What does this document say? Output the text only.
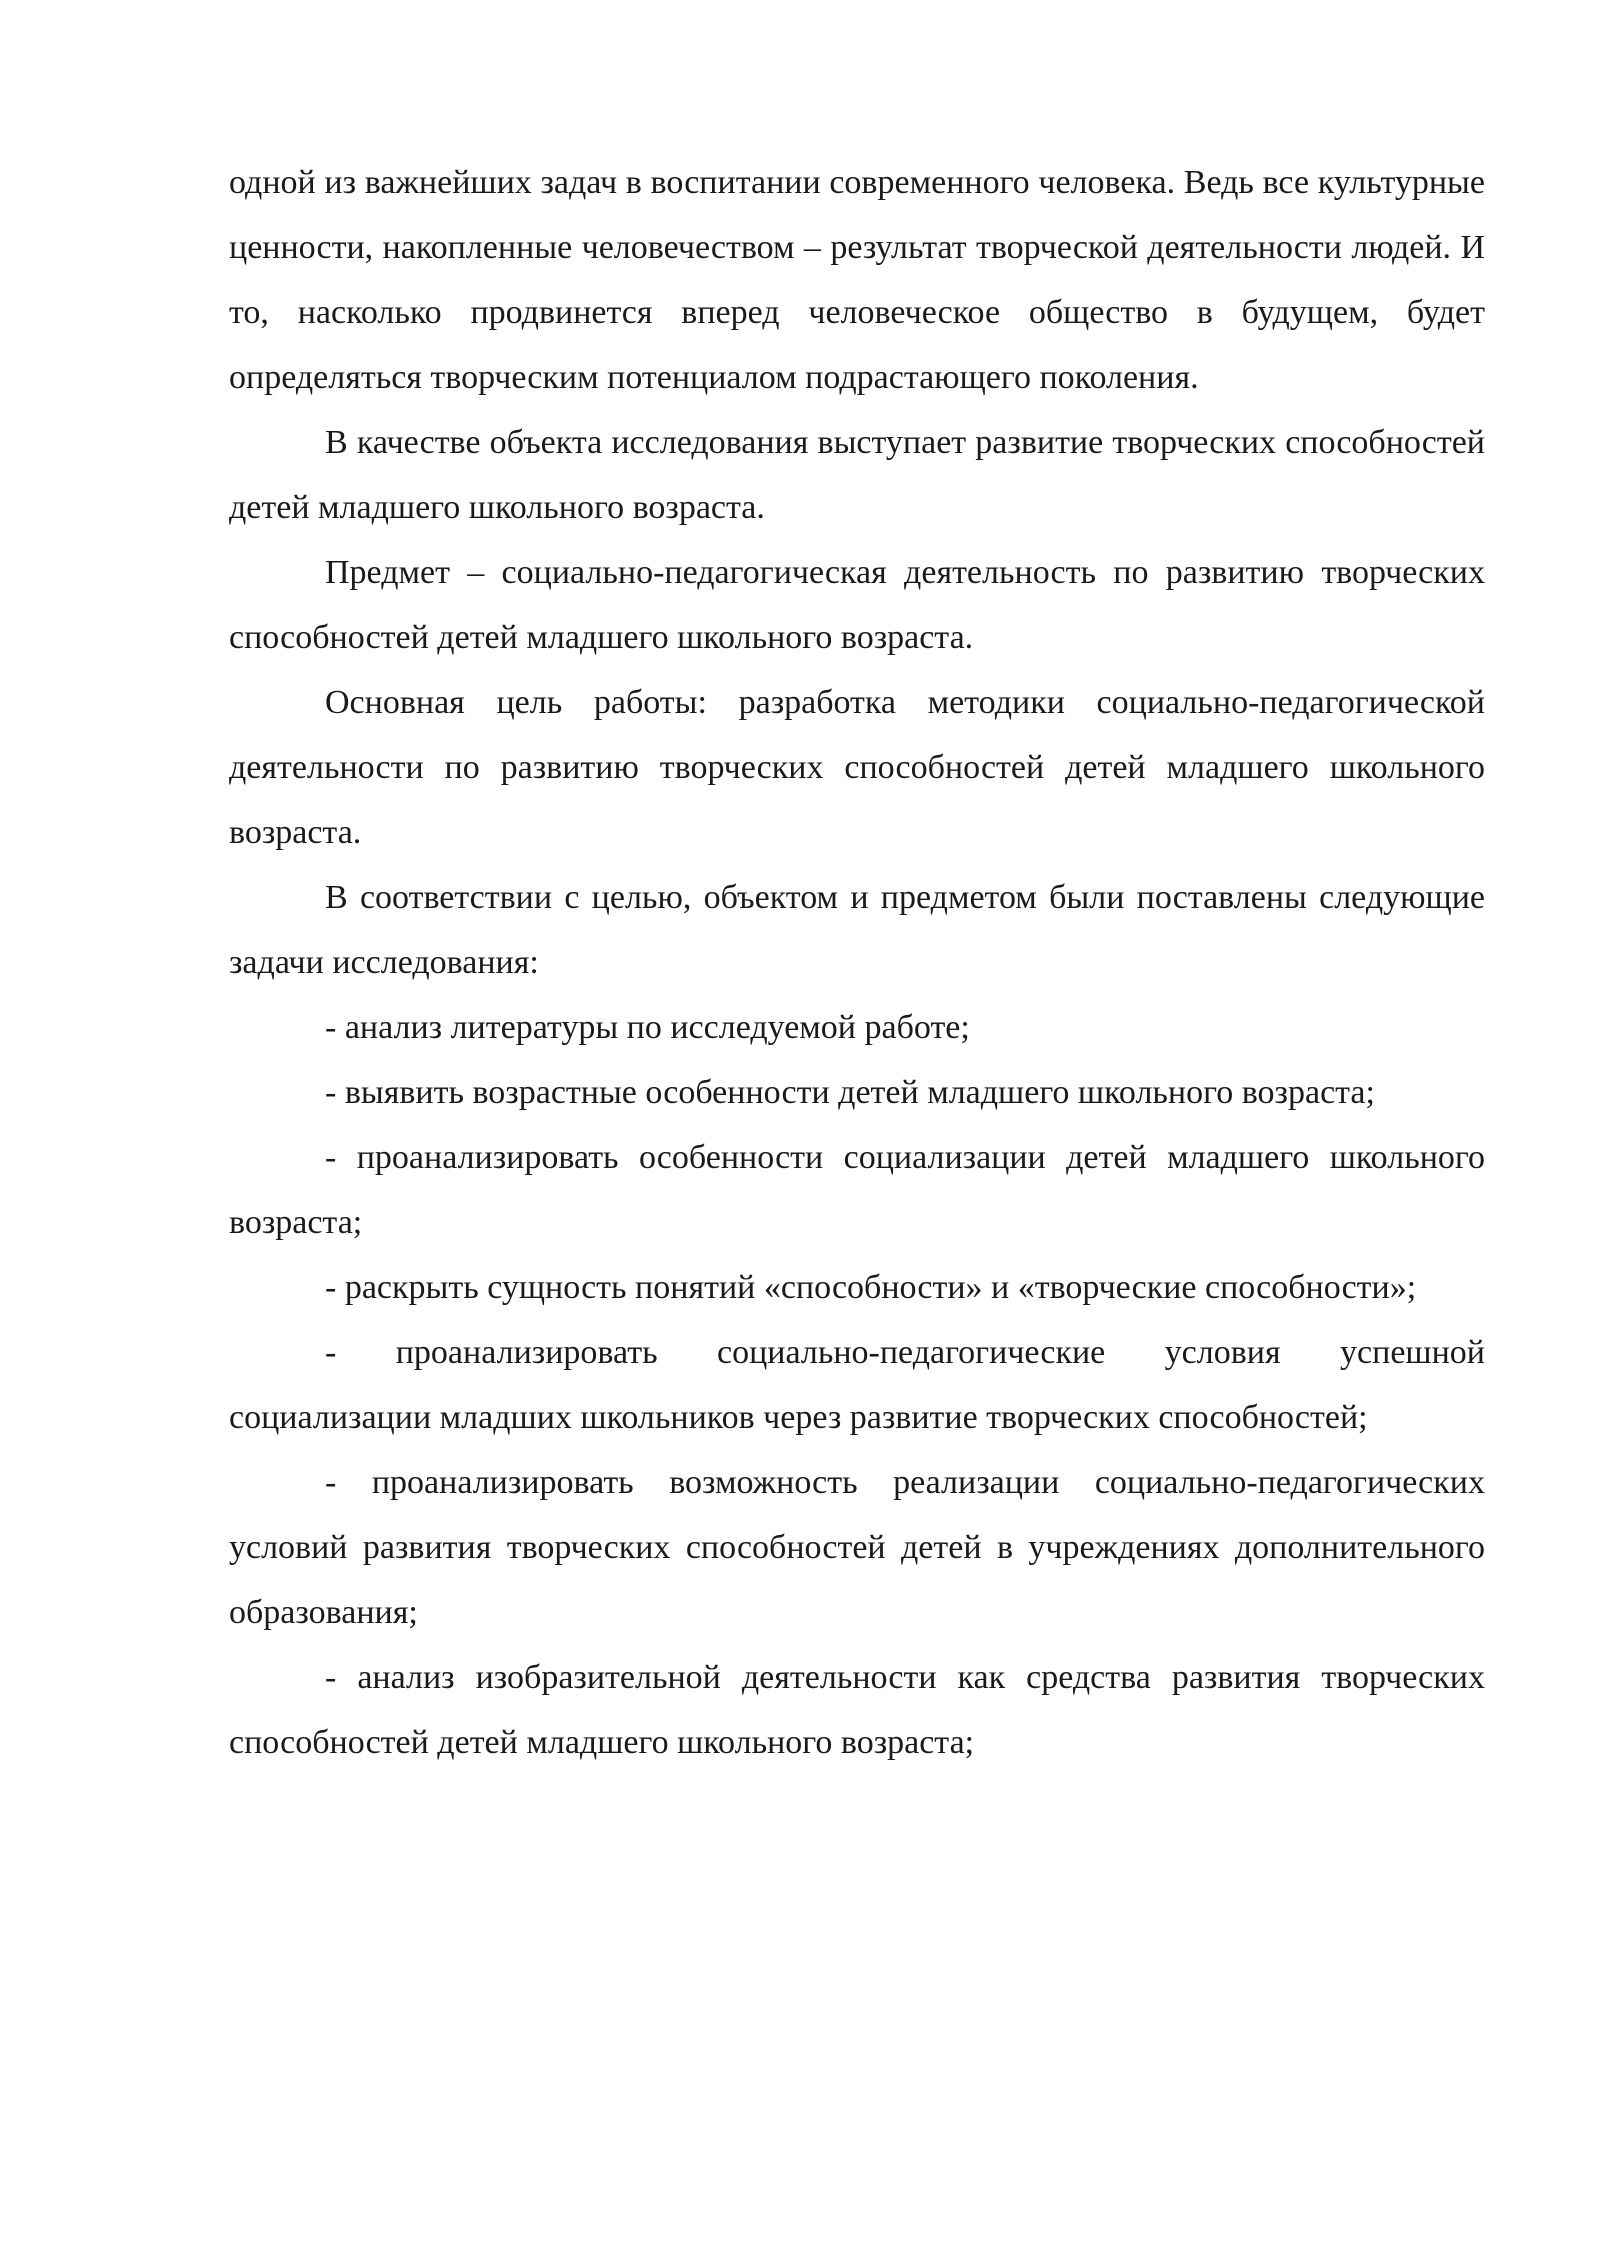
одной из важнейших задач в воспитании современного человека. Ведь все культурные ценности, накопленные человечеством – результат творческой деятельности людей. И то, насколько продвинется вперед человеческое общество в будущем, будет определяться творческим потенциалом подрастающего поколения.

В качестве объекта исследования выступает развитие творческих способностей детей младшего школьного возраста.

Предмет – социально-педагогическая деятельность по развитию творческих способностей детей младшего школьного возраста.

Основная цель работы: разработка методики социально-педагогической деятельности по развитию творческих способностей детей младшего школьного возраста.

В соответствии с целью, объектом и предметом были поставлены следующие задачи исследования:

- анализ литературы по исследуемой работе;

- выявить возрастные особенности детей младшего школьного возраста;

- проанализировать особенности социализации детей младшего школьного возраста;

- раскрыть сущность понятий «способности» и «творческие способности»;

- проанализировать социально-педагогические условия успешной социализации младших школьников через развитие творческих способностей;

- проанализировать возможность реализации социально-педагогических условий развития творческих способностей детей в учреждениях дополнительного образования;

- анализ изобразительной деятельности как средства развития творческих способностей детей младшего школьного возраста;
